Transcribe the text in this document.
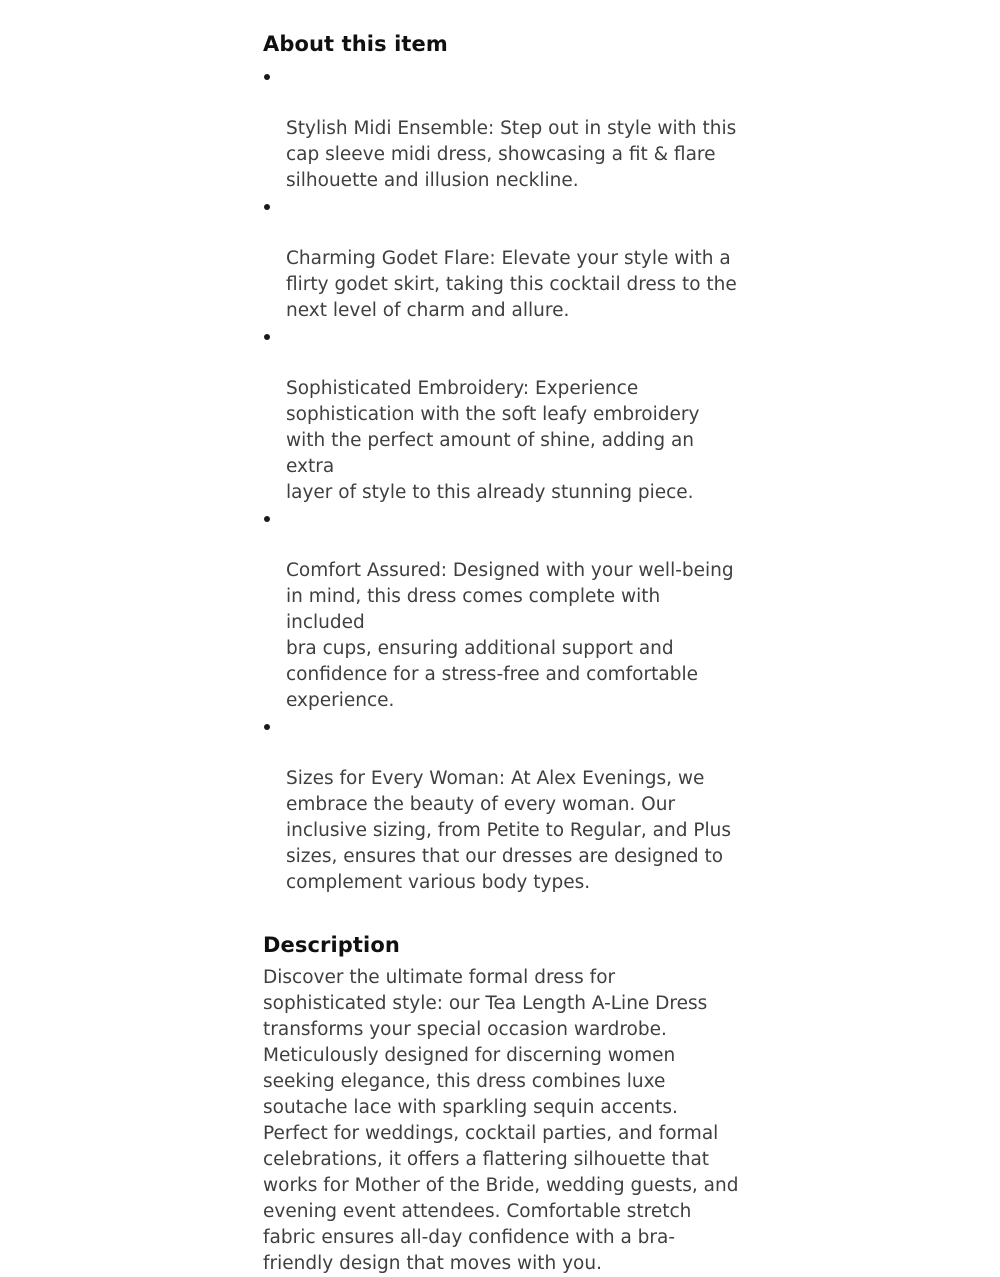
About this item

Stylish Midi Ensemble: Step out in style with this
cap sleeve midi dress, showcasing a fit & flare
silhouette and illusion neckline.

Charming Godet Flare: Elevate your style with a
flirty godet skirt, taking this cocktail dress to the
next level of charm and allure.

Sophisticated Embroidery: Experience
sophistication with the soft leafy embroidery
with the perfect amount of shine, adding an extra
layer of style to this already stunning piece.

Comfort Assured: Designed with your well-being
in mind, this dress comes complete with included
bra cups, ensuring additional support and
confidence for a stress-free and comfortable
experience.

Sizes for Every Woman: At Alex Evenings, we
embrace the beauty of every woman. Our
inclusive sizing, from Petite to Regular, and Plus
sizes, ensures that our dresses are designed to
complement various body types.

Description

Discover the ultimate formal dress for
sophisticated style: our Tea Length A-Line Dress
transforms your special occasion wardrobe.
Meticulously designed for discerning women
seeking elegance, this dress combines luxe
soutache lace with sparkling sequin accents.
Perfect for weddings, cocktail parties, and formal
celebrations, it offers a flattering silhouette that
works for Mother of the Bride, wedding guests, and
evening event attendees. Comfortable stretch
fabric ensures all-day confidence with a bra-
friendly design that moves with you.
